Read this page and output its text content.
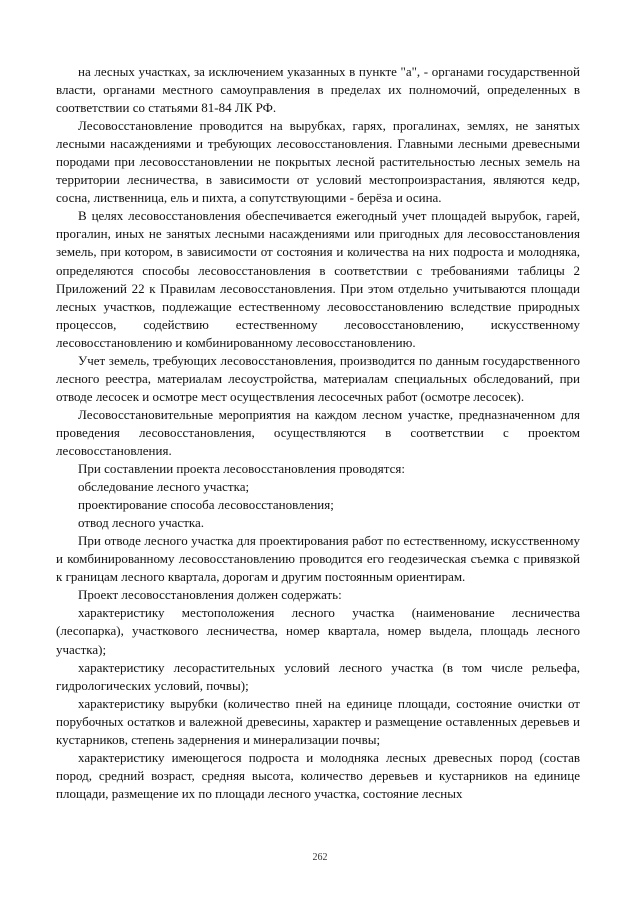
на лесных участках, за исключением указанных в пункте "а", - органами государственной власти, органами местного самоуправления в пределах их полномочий, определенных в соответствии со статьями 81-84 ЛК РФ.

Лесовосстановление проводится на вырубках, гарях, прогалинах, землях, не занятых лесными насаждениями и требующих лесовосстановления. Главными лесными древесными породами при лесовосстановлении не покрытых лесной растительностью лесных земель на территории лесничества, в зависимости от условий местопроизрастания, являются кедр, сосна, лиственница, ель и пихта, а сопутствующими - берёза и осина.

В целях лесовосстановления обеспечивается ежегодный учет площадей вырубок, гарей, прогалин, иных не занятых лесными насаждениями или пригодных для лесовосстановления земель, при котором, в зависимости от состояния и количества на них подроста и молодняка, определяются способы лесовосстановления в соответствии с требованиями таблицы 2 Приложений 22 к Правилам лесовосстановления. При этом отдельно учитываются площади лесных участков, подлежащие естественному лесовосстановлению вследствие природных процессов, содействию естественному лесовосстановлению, искусственному лесовосстановлению и комбинированному лесовосстановлению.

Учет земель, требующих лесовосстановления, производится по данным государственного лесного реестра, материалам лесоустройства, материалам специальных обследований, при отводе лесосек и осмотре мест осуществления лесосечных работ (осмотре лесосек).

Лесовосстановительные мероприятия на каждом лесном участке, предназначенном для проведения лесовосстановления, осуществляются в соответствии с проектом лесовосстановления.

При составлении проекта лесовосстановления проводятся:

обследование лесного участка;

проектирование способа лесовосстановления;

отвод лесного участка.

При отводе лесного участка для проектирования работ по естественному, искусственному и комбинированному лесовосстановлению проводится его геодезическая съемка с привязкой к границам лесного квартала, дорогам и другим постоянным ориентирам.

Проект лесовосстановления должен содержать:

характеристику местоположения лесного участка (наименование лесничества (лесопарка), участкового лесничества, номер квартала, номер выдела, площадь лесного участка);

характеристику лесорастительных условий лесного участка (в том числе рельефа, гидрологических условий, почвы);

характеристику вырубки (количество пней на единице площади, состояние очистки от порубочных остатков и валежной древесины, характер и размещение оставленных деревьев и кустарников, степень задернения и минерализации почвы;

характеристику имеющегося подроста и молодняка лесных древесных пород (состав пород, средний возраст, средняя высота, количество деревьев и кустарников на единице площади, размещение их по площади лесного участка, состояние лесных

262
